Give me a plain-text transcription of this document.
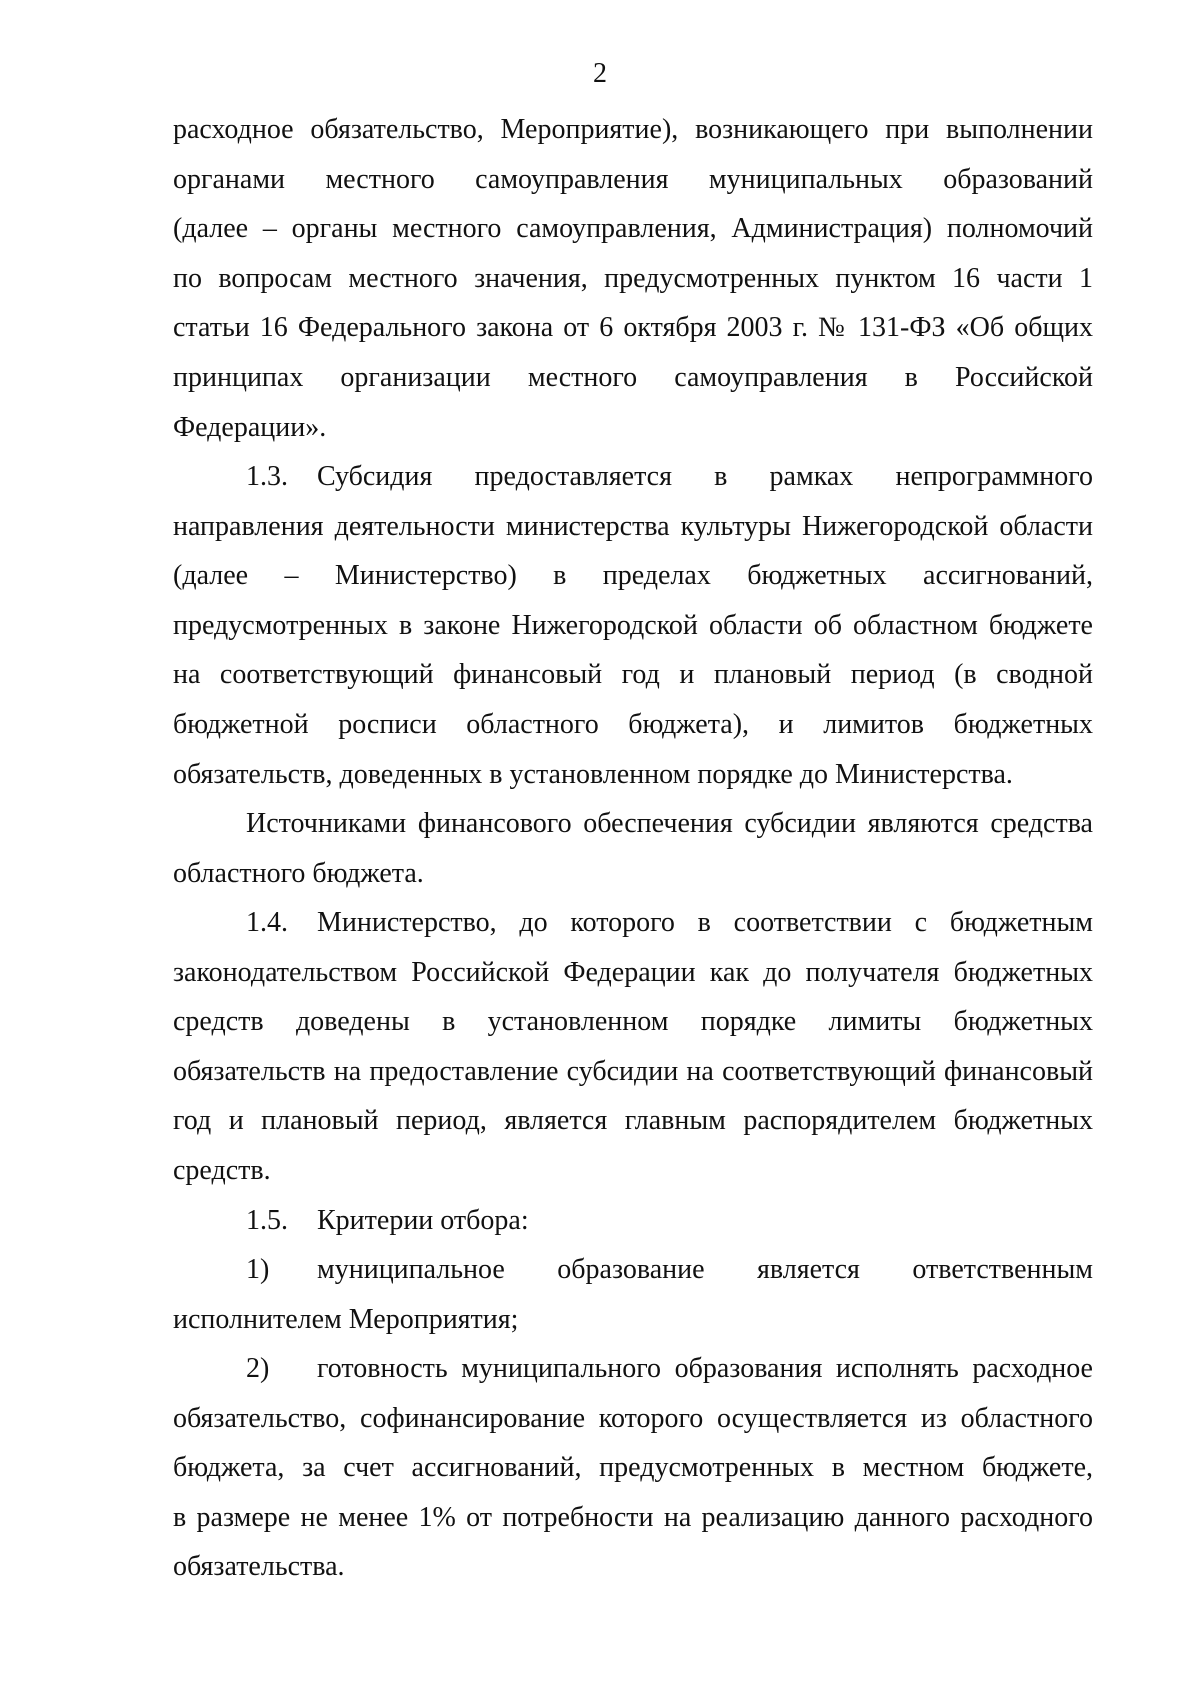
2
расходное обязательство, Мероприятие), возникающего при выполнении
органами местного самоуправления муниципальных образований
(далее – органы местного самоуправления, Администрация) полномочий
по вопросам местного значения, предусмотренных пунктом 16 части 1
статьи 16 Федерального закона от 6 октября 2003 г. № 131-ФЗ «Об общих
принципах организации местного самоуправления в Российской
Федерации».
1.3. Субсидия предоставляется в рамках непрограммного
направления деятельности министерства культуры Нижегородской области
(далее – Министерство) в пределах бюджетных ассигнований,
предусмотренных в законе Нижегородской области об областном бюджете
на соответствующий финансовый год и плановый период (в сводной
бюджетной росписи областного бюджета), и лимитов бюджетных
обязательств, доведенных в установленном порядке до Министерства.
Источниками финансового обеспечения субсидии являются средства
областного бюджета.
1.4. Министерство, до которого в соответствии с бюджетным
законодательством Российской Федерации как до получателя бюджетных
средств доведены в установленном порядке лимиты бюджетных
обязательств на предоставление субсидии на соответствующий финансовый
год и плановый период, является главным распорядителем бюджетных
средств.
1.5. Критерии отбора:
1) муниципальное образование является ответственным
исполнителем Мероприятия;
2) готовность муниципального образования исполнять расходное
обязательство, софинансирование которого осуществляется из областного
бюджета, за счет ассигнований, предусмотренных в местном бюджете,
в размере не менее 1% от потребности на реализацию данного расходного
обязательства.
